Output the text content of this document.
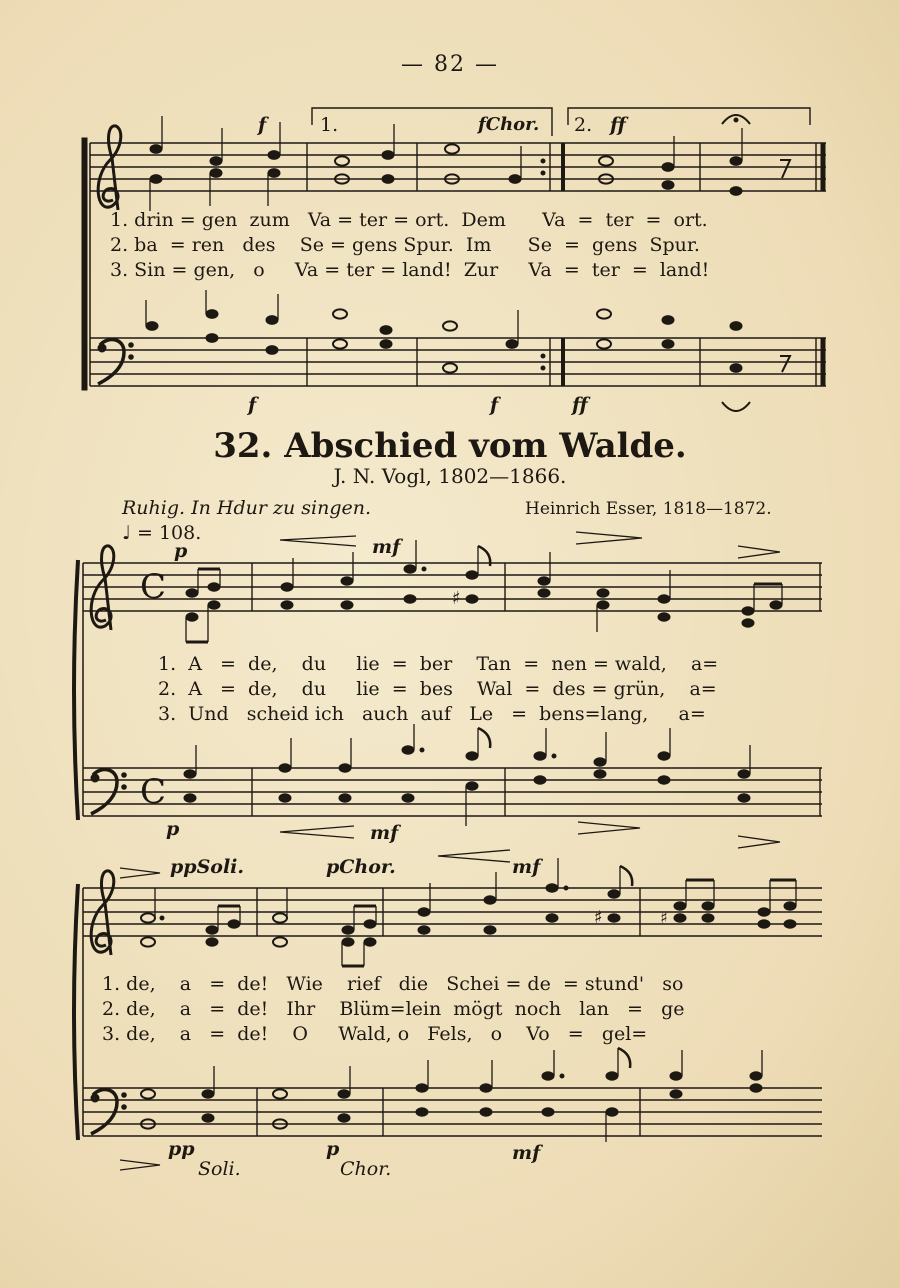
— 82 —
♯
♯	♯
C
C
1.	2.
f	fChor.	ff
1. drin = gen  zum   Va = ter = ort.  Dem      Va  =  ter  =  ort.
2. ba  = ren   des    Se = gens Spur.  Im      Se  =  gens  Spur.
3. Sin = gen,   o     Va = ter = land!  Zur     Va  =  ter  =  land!
f	f	ff
32. Abschied vom Walde.
J. N. Vogl, 1802—1866.
Ruhig. In Hdur zu singen.	Heinrich Esser, 1818—1872.
♩ = 108.
p	mf
1.  A   =  de,    du     lie  =  ber    Tan  =  nen = wald,    a=
2.  A   =  de,    du     lie  =  bes    Wal  =  des = grün,    a=
3.  Und   scheid ich   auch  auf   Le   =  bens=lang,     a=
p	mf
ppSoli.	pChor.	mf
1. de,    a   =  de!   Wie    rief   die   Schei = de  = stund'   so
2. de,    a   =  de!   Ihr    Blüm=lein  mögt  noch   lan   =   ge
3. de,    a   =  de!    O     Wald, o   Fels,   o    Vo   =   gel=
pp
Soli.
p
Chor.
mf
